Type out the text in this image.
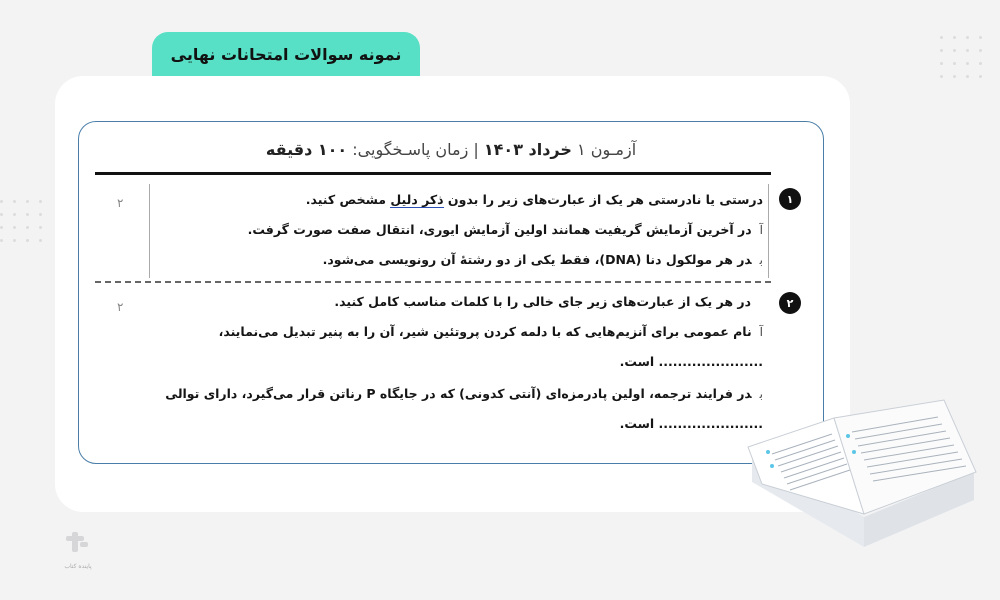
نمونه سوالات امتحانات نهایی
آزمـون ۱ خرداد ۱۴۰۳ | زمان پاسـخگویی: ۱۰۰ دقیقه
۱
۲	درستی یا نادرستی هر یک از عبارت‌های زیر را بدون ذکر دلیل مشخص کنید.
آدر آخرین آزمایش گریفیت همانند اولین آزمایش ایوری، انتقال صفت صورت گرفت.
بدر هر مولکول دنا (DNA)، فقط یکی از دو رشتهٔ آن رونویسی می‌شود.
۲
۲	در هر یک از عبارت‌های زیر جای خالی را با کلمات مناسب کامل کنید.
آنام عمومی برای آنزیم‌هایی که با دلمه کردن پروتئین شیر، آن را به پنیر تبدیل می‌نمایند،
...................... است.
بدر فرایند ترجمه، اولین پادرمزه‌ای (آنتی کدونی) که در جایگاه P رناتن قرار می‌گیرد، دارای توالی
...................... است.
پاینده کتاب
